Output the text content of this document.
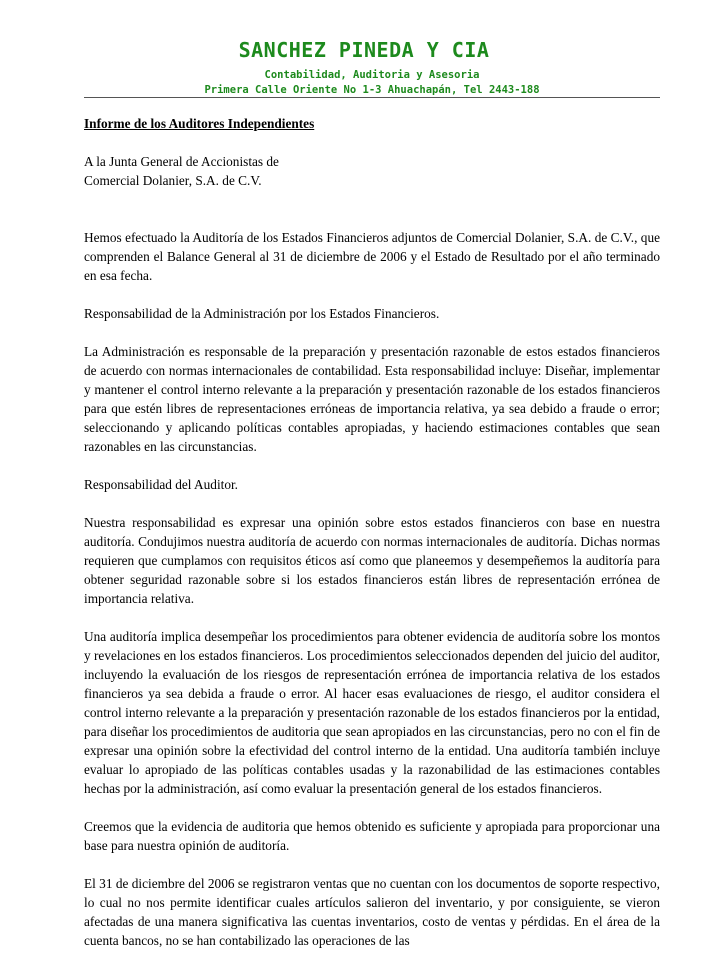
SANCHEZ PINEDA Y CIA
Contabilidad, Auditoria y Asesoria
Primera Calle Oriente No 1-3 Ahuachapán, Tel 2443-188

Informe de los Auditores Independientes

A la Junta General de Accionistas de
Comercial Dolanier, S.A. de C.V.

Hemos efectuado la Auditoría de los Estados Financieros adjuntos de Comercial Dolanier, S.A. de C.V., que comprenden el Balance General al 31 de diciembre de 2006 y el Estado de Resultado por el año terminado en esa fecha.

Responsabilidad de la Administración por los Estados Financieros.

La Administración es responsable de la preparación y presentación razonable de estos estados financieros de acuerdo con normas internacionales de contabilidad. Esta responsabilidad incluye: Diseñar, implementar y mantener el control interno relevante a la preparación y presentación razonable de los estados financieros para que estén libres de representaciones erróneas de importancia relativa, ya sea debido a fraude o error; seleccionando y aplicando políticas contables apropiadas, y haciendo estimaciones contables que sean razonables en las circunstancias.

Responsabilidad del Auditor.

Nuestra responsabilidad es expresar una opinión sobre estos estados financieros con base en nuestra auditoría. Condujimos nuestra auditoría de acuerdo con normas internacionales de auditoría. Dichas normas requieren que cumplamos con requisitos éticos así como que planeemos y desempeñemos la auditoría para obtener seguridad razonable sobre si los estados financieros están libres de representación errónea de importancia relativa.

Una auditoría implica desempeñar los procedimientos para obtener evidencia de auditoría sobre los montos y revelaciones en los estados financieros. Los procedimientos seleccionados dependen del juicio del auditor, incluyendo la evaluación de los riesgos de representación errónea de importancia relativa de los estados financieros ya sea debida a fraude o error. Al hacer esas evaluaciones de riesgo, el auditor considera el control interno relevante a la preparación y presentación razonable de los estados financieros por la entidad, para diseñar los procedimientos de auditoria que sean apropiados en las circunstancias, pero no con el fin de expresar una opinión sobre la efectividad del control interno de la entidad. Una auditoría también incluye evaluar lo apropiado de las políticas contables usadas y la razonabilidad de las estimaciones contables hechas por la administración, así como evaluar la presentación general de los estados financieros.

Creemos que la evidencia de auditoria que hemos obtenido es suficiente y apropiada para proporcionar una base para nuestra opinión de auditoría.

El 31 de diciembre del 2006 se registraron ventas que no cuentan con los documentos de soporte respectivo, lo cual no nos permite identificar cuales artículos salieron del inventario, y por consiguiente, se vieron afectadas de una manera significativa las cuentas inventarios, costo de ventas y pérdidas. En el área de la cuenta bancos, no se han contabilizado las operaciones de las
